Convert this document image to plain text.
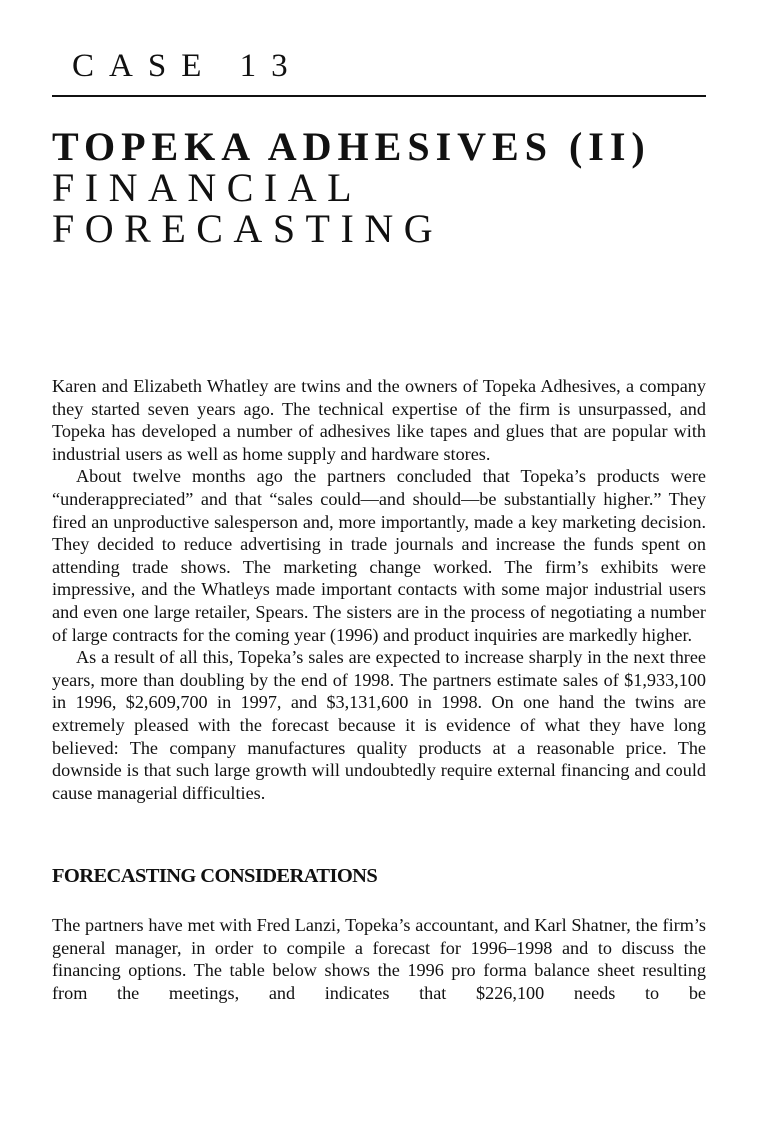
CASE 13
TOPEKA ADHESIVES (II)
FINANCIAL
FORECASTING

Karen and Elizabeth Whatley are twins and the owners of Topeka Adhesives, a company they started seven years ago. The technical expertise of the firm is unsurpassed, and Topeka has developed a number of adhesives like tapes and glues that are popular with industrial users as well as home supply and hardware stores.

About twelve months ago the partners concluded that Topeka’s products were “underappreciated” and that “sales could—and should—be substantially higher.” They fired an unproductive salesperson and, more importantly, made a key marketing decision. They decided to reduce advertising in trade journals and increase the funds spent on attending trade shows. The marketing change worked. The firm’s exhibits were impressive, and the Whatleys made important contacts with some major industrial users and even one large retailer, Spears. The sisters are in the process of negotiating a number of large contracts for the coming year (1996) and product inquiries are markedly higher.

As a result of all this, Topeka’s sales are expected to increase sharply in the next three years, more than doubling by the end of 1998. The partners estimate sales of $1,933,100 in 1996, $2,609,700 in 1997, and $3,131,600 in 1998. On one hand the twins are extremely pleased with the forecast because it is evidence of what they have long believed: The company manufactures quality products at a reasonable price. The downside is that such large growth will undoubtedly require external financing and could cause managerial difficulties.

FORECASTING CONSIDERATIONS

The partners have met with Fred Lanzi, Topeka’s accountant, and Karl Shatner, the firm’s general manager, in order to compile a forecast for 1996–1998 and to discuss the financing options. The table below shows the 1996 pro forma balance sheet resulting from the meetings, and indicates that $226,100 needs to be
